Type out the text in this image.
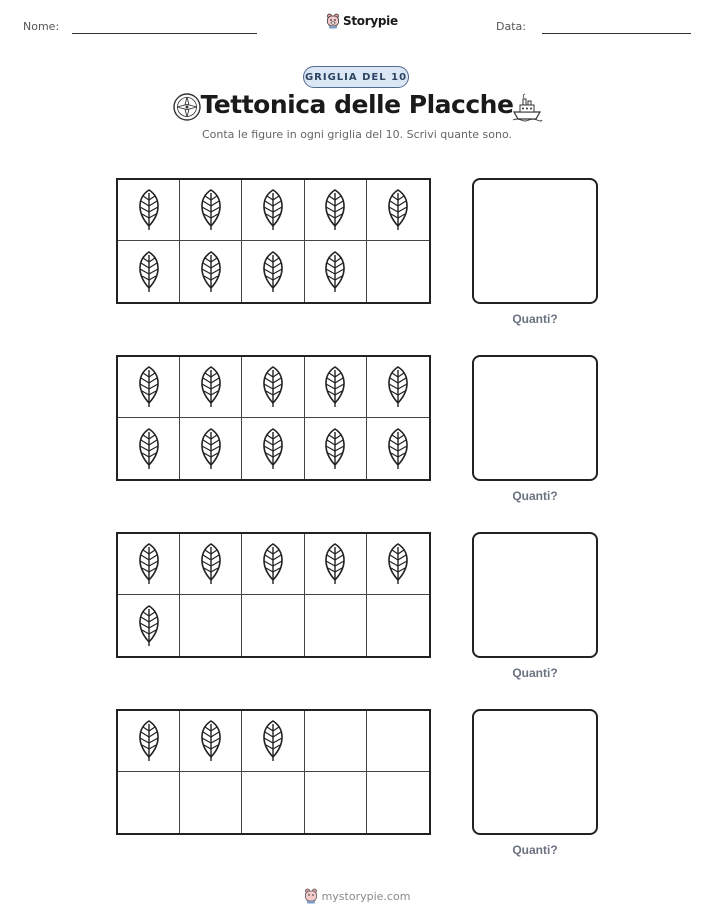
Nome:	Storypie	Data:
GRIGLIA DEL 10
Tettonica delle Placche
Conta le figure in ogni griglia del 10. Scrivi quante sono.
Quanti?
Quanti?
Quanti?
Quanti?
mystorypie.com
